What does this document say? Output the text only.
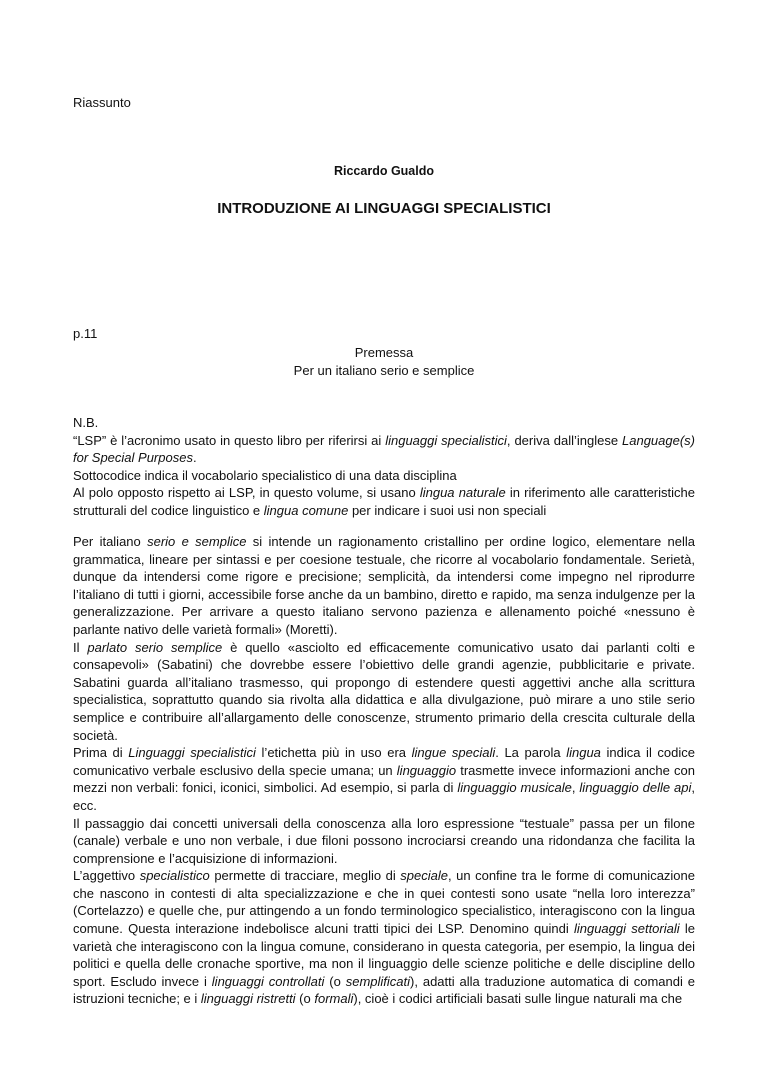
Riassunto

Riccardo Gualdo

INTRODUZIONE AI LINGUAGGI SPECIALISTICI

p.11

Premessa

Per un italiano serio e semplice

N.B.
“LSP” è l’acronimo usato in questo libro per riferirsi ai linguaggi specialistici, deriva dall’inglese Language(s) for Special Purposes.
Sottocodice indica il vocabolario specialistico di una data disciplina
Al polo opposto rispetto ai LSP, in questo volume, si usano lingua naturale in riferimento alle caratteristiche strutturali del codice linguistico e lingua comune per indicare i suoi usi non speciali
Per italiano serio e semplice si intende un ragionamento cristallino per ordine logico, elementare nella grammatica, lineare per sintassi e per coesione testuale, che ricorre al vocabolario fondamentale. Serietà, dunque da intendersi come rigore e precisione; semplicità, da intendersi come impegno nel riprodurre l’italiano di tutti i giorni, accessibile forse anche da un bambino, diretto e rapido, ma senza indulgenze per la generalizzazione. Per arrivare a questo italiano servono pazienza e allenamento poiché «nessuno è parlante nativo delle varietà formali» (Moretti).
Il parlato serio semplice è quello «asciolto ed efficacemente comunicativo usato dai parlanti colti e consapevoli» (Sabatini) che dovrebbe essere l’obiettivo delle grandi agenzie, pubblicitarie e private. Sabatini guarda all’italiano trasmesso, qui propongo di estendere questi aggettivi anche alla scrittura specialistica, soprattutto quando sia rivolta alla didattica e alla divulgazione, può mirare a uno stile serio semplice e contribuire all’allargamento delle conoscenze, strumento primario della crescita culturale della società.
Prima di Linguaggi specialistici l’etichetta più in uso era lingue speciali. La parola lingua indica il codice comunicativo verbale esclusivo della specie umana; un linguaggio trasmette invece informazioni anche con mezzi non verbali: fonici, iconici, simbolici. Ad esempio, si parla di linguaggio musicale, linguaggio delle api, ecc.
Il passaggio dai concetti universali della conoscenza alla loro espressione “testuale” passa per un filone (canale) verbale e uno non verbale, i due filoni possono incrociarsi creando una ridondanza che facilita la comprensione e l’acquisizione di informazioni.
L’aggettivo specialistico permette di tracciare, meglio di speciale, un confine tra le forme di comunicazione che nascono in contesti di alta specializzazione e che in quei contesti sono usate “nella loro interezza” (Cortelazzo) e quelle che, pur attingendo a un fondo terminologico specialistico, interagiscono con la lingua comune. Questa interazione indebolisce alcuni tratti tipici dei LSP. Denomino quindi linguaggi settoriali le varietà che interagiscono con la lingua comune, considerano in questa categoria, per esempio, la lingua dei politici e quella delle cronache sportive, ma non il linguaggio delle scienze politiche e delle discipline dello sport. Escludo invece i linguaggi controllati (o semplificati), adatti alla traduzione automatica di comandi e istruzioni tecniche; e i linguaggi ristretti (o formali), cioè i codici artificiali basati sulle lingue naturali ma che
